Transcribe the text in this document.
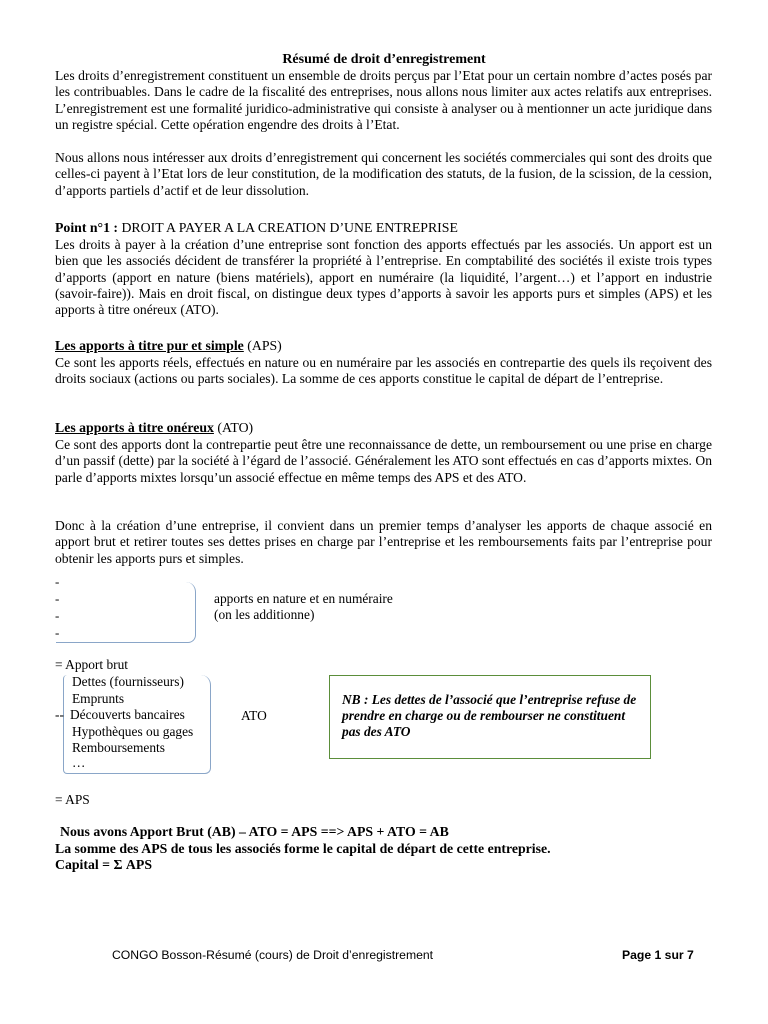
Résumé de droit d’enregistrement

Les droits d’enregistrement constituent un ensemble de droits perçus par l’Etat pour un certain nombre d’actes posés par les contribuables. Dans le cadre de la fiscalité des entreprises, nous allons nous limiter aux actes relatifs aux entreprises. L’enregistrement est une formalité juridico-administrative qui consiste à analyser ou à mentionner un acte juridique dans un registre spécial. Cette opération engendre des droits à l’Etat.

Nous allons nous intéresser aux droits d’enregistrement qui concernent les sociétés commerciales qui sont des droits que celles-ci payent à l’Etat lors de leur constitution, de la modification des statuts, de la fusion, de la scission, de la cession, d’apports partiels d’actif et de leur dissolution.

Point n°1 : DROIT A PAYER A LA CREATION D’UNE ENTREPRISE

Les droits à payer à la création d’une entreprise sont fonction des apports effectués par les associés. Un apport est un bien que les associés décident de transférer la propriété à l’entreprise. En comptabilité des sociétés il existe trois types d’apports (apport en nature (biens matériels), apport en numéraire (la liquidité, l’argent…) et l’apport en industrie (savoir-faire)). Mais en droit fiscal, on distingue deux types d’apports à savoir les apports purs et simples (APS) et les apports à titre onéreux (ATO).

Les apports à titre pur et simple (APS)

Ce sont les apports réels, effectués en nature ou en numéraire par les associés en contrepartie des quels ils reçoivent des droits sociaux (actions ou parts sociales). La somme de ces apports constitue le capital de départ de l’entreprise.

Les apports à titre onéreux (ATO)

Ce sont des apports dont la contrepartie peut être une reconnaissance de dette, un remboursement ou une prise en charge d’un passif (dette) par la société à l’égard de l’associé. Généralement les ATO sont effectués en cas d’apports mixtes. On parle d’apports mixtes lorsqu’un associé effectue en même temps des APS et des ATO.

Donc à la création d’une entreprise, il convient dans un premier temps d’analyser les apports de chaque associé en apport brut et retirer toutes ses dettes prises en charge par l’entreprise et les remboursements faits par l’entreprise pour obtenir les apports purs et simples.

-
-
-
-
apports en nature et en numéraire
(on les additionne)
= Apport brut
Dettes (fournisseurs)
Emprunts
-- Découverts bancaires
Hypothèques ou gages
Remboursements
…
ATO
NB : Les dettes de l’associé que l’entreprise refuse de prendre en charge ou de rembourser ne constituent pas des ATO
= APS
Nous avons Apport Brut (AB) – ATO = APS ==> APS + ATO = AB
La somme des APS de tous les associés forme le capital de départ de cette entreprise.
Capital = Σ APS
CONGO Bosson-Résumé (cours) de Droit d’enregistrement	Page 1 sur 7
